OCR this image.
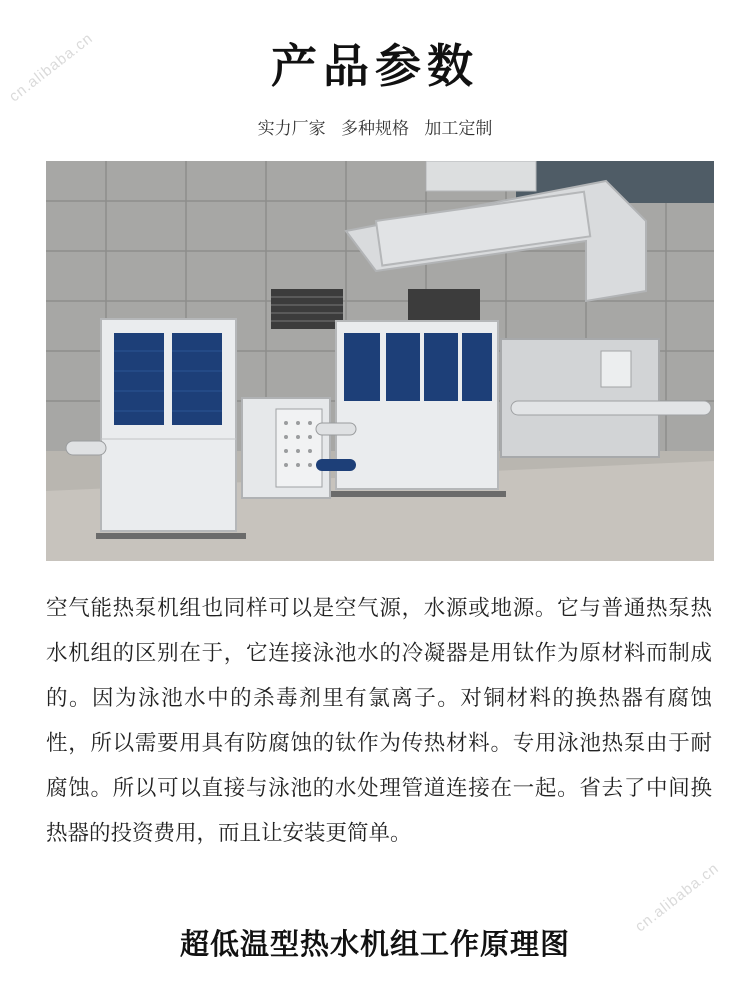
cn.alibaba.cn
cn.alibaba.cn
产品参数
实力厂家 多种规格 加工定制

空气能热泵机组也同样可以是空气源，水源或地源。它与普通热泵热水机组的区别在于，它连接泳池水的冷凝器是用钛作为原材料而制成的。因为泳池水中的杀毒剂里有氯离子。对铜材料的换热器有腐蚀性，所以需要用具有防腐蚀的钛作为传热材料。专用泳池热泵由于耐腐蚀。所以可以直接与泳池的水处理管道连接在一起。省去了中间换热器的投资费用，而且让安装更简单。

超低温型热水机组工作原理图
